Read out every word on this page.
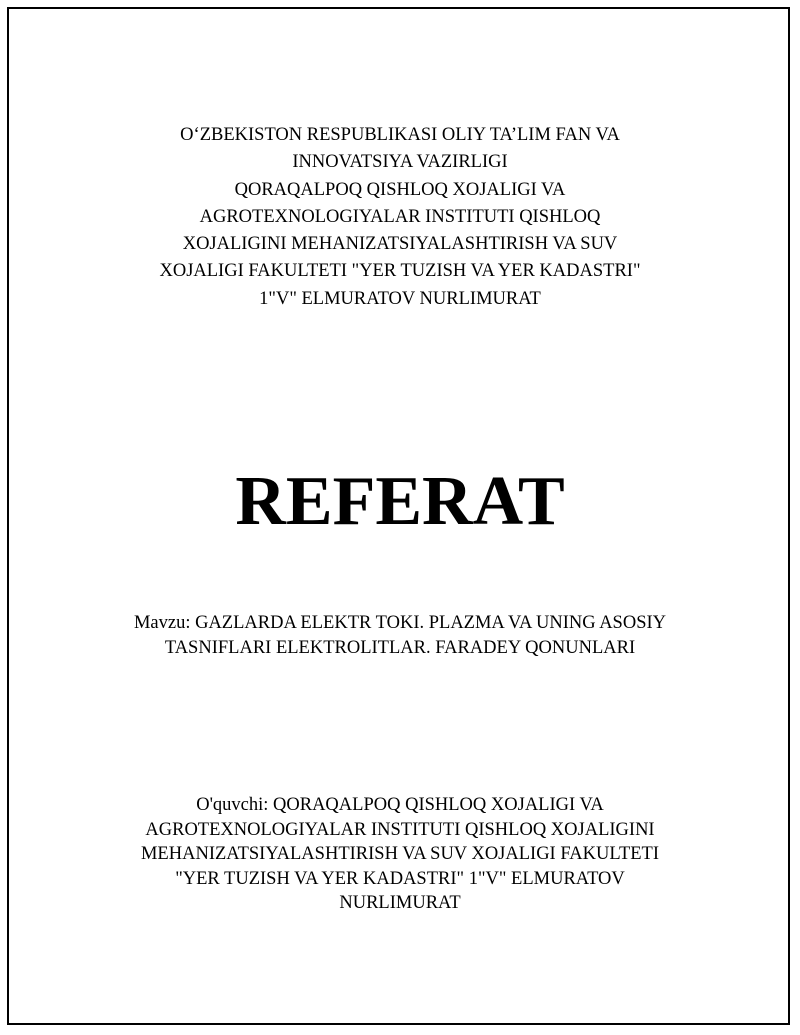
O‘ZBEKISTON RESPUBLIKASI OLIY TA’LIM FAN VA
INNOVATSIYA VAZIRLIGI
QORAQALPOQ QISHLOQ XOJALIGI VA
AGROTEXNOLOGIYALAR INSTITUTI QISHLOQ
XOJALIGINI MEHANIZATSIYALASHTIRISH VA SUV
XOJALIGI FAKULTETI "YER TUZISH VA YER KADASTRI"
1"V" ELMURATOV NURLIMURAT
REFERAT
Mavzu: GAZLARDA ELEKTR TOKI. PLAZMA VA UNING ASOSIY
TASNIFLARI ELEKTROLITLAR. FARADEY QONUNLARI
O'quvchi: QORAQALPOQ QISHLOQ XOJALIGI VA
AGROTEXNOLOGIYALAR INSTITUTI QISHLOQ XOJALIGINI
MEHANIZATSIYALASHTIRISH VA SUV XOJALIGI FAKULTETI
"YER TUZISH VA YER KADASTRI" 1"V" ELMURATOV
NURLIMURAT
